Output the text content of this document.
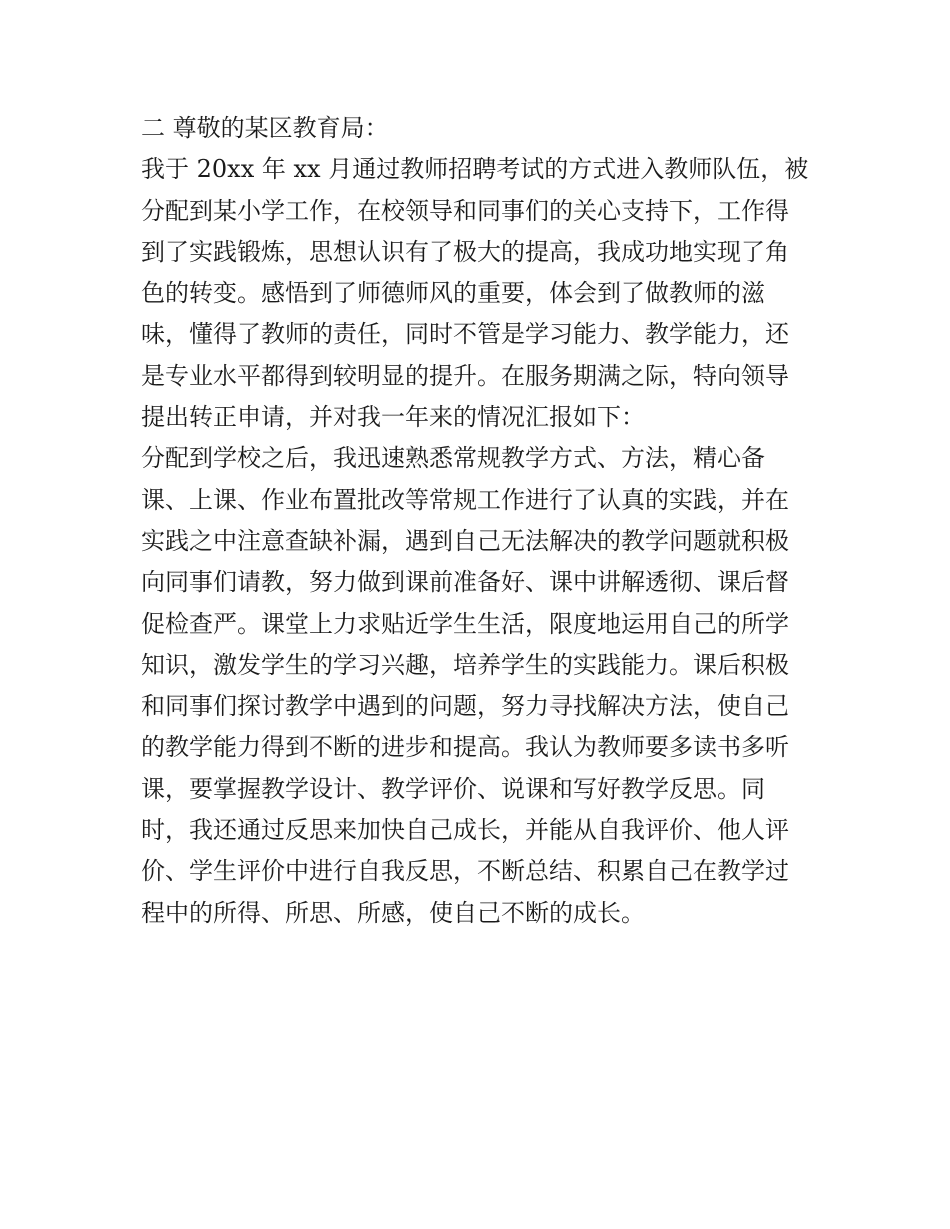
二 尊敬的某区教育局：
我于 20xx 年 xx 月通过教师招聘考试的方式进入教师队伍，被
分配到某小学工作，在校领导和同事们的关心支持下，工作得
到了实践锻炼，思想认识有了极大的提高，我成功地实现了角
色的转变。感悟到了师德师风的重要，体会到了做教师的滋
味，懂得了教师的责任，同时不管是学习能力、教学能力，还
是专业水平都得到较明显的提升。在服务期满之际，特向领导
提出转正申请，并对我一年来的情况汇报如下：
分配到学校之后，我迅速熟悉常规教学方式、方法，精心备
课、上课、作业布置批改等常规工作进行了认真的实践，并在
实践之中注意查缺补漏，遇到自己无法解决的教学问题就积极
向同事们请教，努力做到课前准备好、课中讲解透彻、课后督
促检查严。课堂上力求贴近学生生活，限度地运用自己的所学
知识，激发学生的学习兴趣，培养学生的实践能力。课后积极
和同事们探讨教学中遇到的问题，努力寻找解决方法，使自己
的教学能力得到不断的进步和提高。我认为教师要多读书多听
课，要掌握教学设计、教学评价、说课和写好教学反思。同
时，我还通过反思来加快自己成长，并能从自我评价、他人评
价、学生评价中进行自我反思，不断总结、积累自己在教学过
程中的所得、所思、所感，使自己不断的成长。
